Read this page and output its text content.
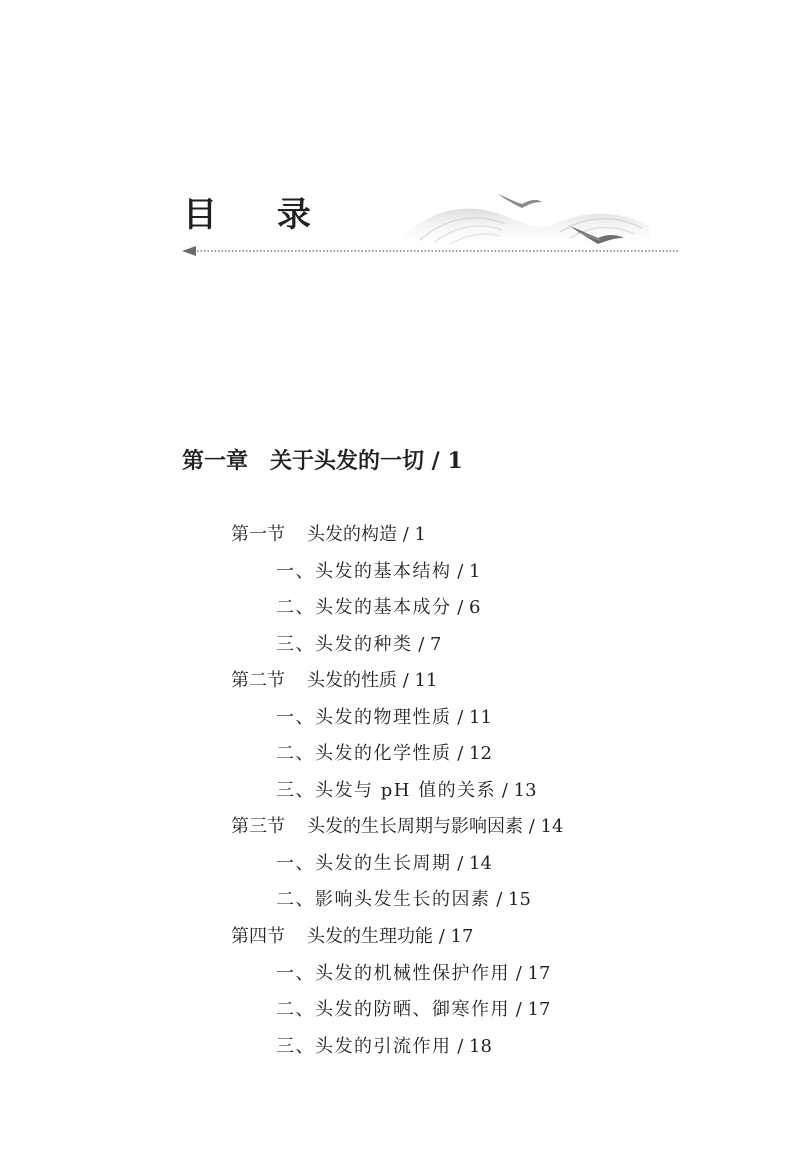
目 录
第一章 关于头发的一切 / 1
第一节 头发的构造 / 1
一、头发的基本结构 / 1
二、头发的基本成分 / 6
三、头发的种类 / 7
第二节 头发的性质 / 11
一、头发的物理性质 / 11
二、头发的化学性质 / 12
三、头发与 pH 值的关系 / 13
第三节 头发的生长周期与影响因素 / 14
一、头发的生长周期 / 14
二、影响头发生长的因素 / 15
第四节 头发的生理功能 / 17
一、头发的机械性保护作用 / 17
二、头发的防晒、御寒作用 / 17
三、头发的引流作用 / 18
